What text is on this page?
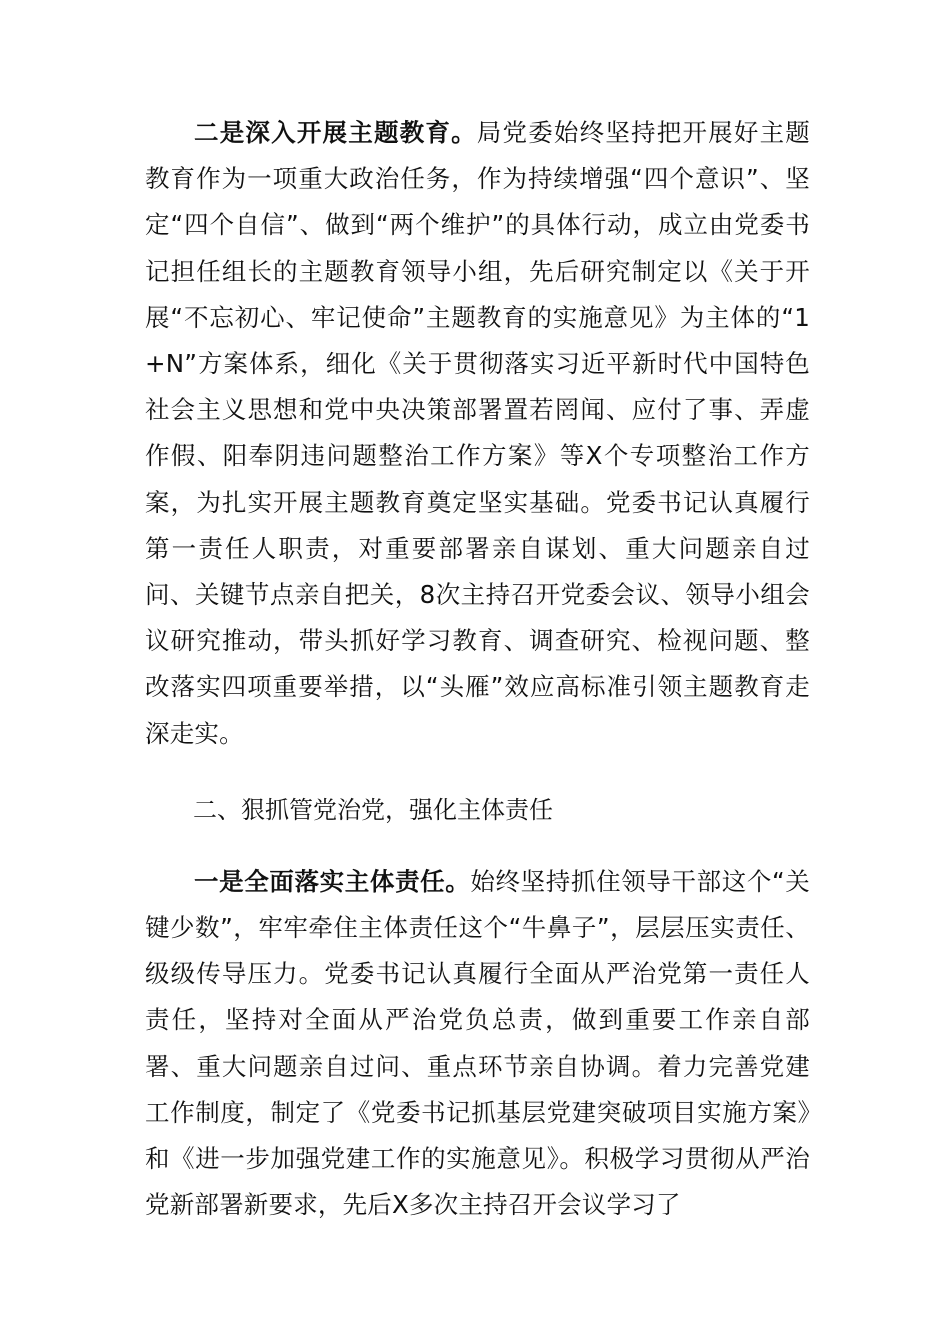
二是深入开展主题教育。局党委始终坚持把开展好主题教育作为一项重大政治任务，作为持续增强“四个意识”、坚定“四个自信”、做到“两个维护”的具体行动，成立由党委书记担任组长的主题教育领导小组，先后研究制定以《关于开展“不忘初心、牢记使命”主题教育的实施意见》为主体的“1+N”方案体系，细化《关于贯彻落实习近平新时代中国特色社会主义思想和党中央决策部署置若罔闻、应付了事、弄虚作假、阳奉阴违问题整治工作方案》等X个专项整治工作方案，为扎实开展主题教育奠定坚实基础。党委书记认真履行第一责任人职责，对重要部署亲自谋划、重大问题亲自过问、关键节点亲自把关，8次主持召开党委会议、领导小组会议研究推动，带头抓好学习教育、调查研究、检视问题、整改落实四项重要举措，以“头雁”效应高标准引领主题教育走深走实。

二、狠抓管党治党，强化主体责任

一是全面落实主体责任。始终坚持抓住领导干部这个“关键少数”，牢牢牵住主体责任这个“牛鼻子”，层层压实责任、级级传导压力。党委书记认真履行全面从严治党第一责任人责任，坚持对全面从严治党负总责，做到重要工作亲自部署、重大问题亲自过问、重点环节亲自协调。着力完善党建工作制度，制定了《党委书记抓基层党建突破项目实施方案》和《进一步加强党建工作的实施意见》。积极学习贯彻从严治党新部署新要求，先后X多次主持召开会议学习了
